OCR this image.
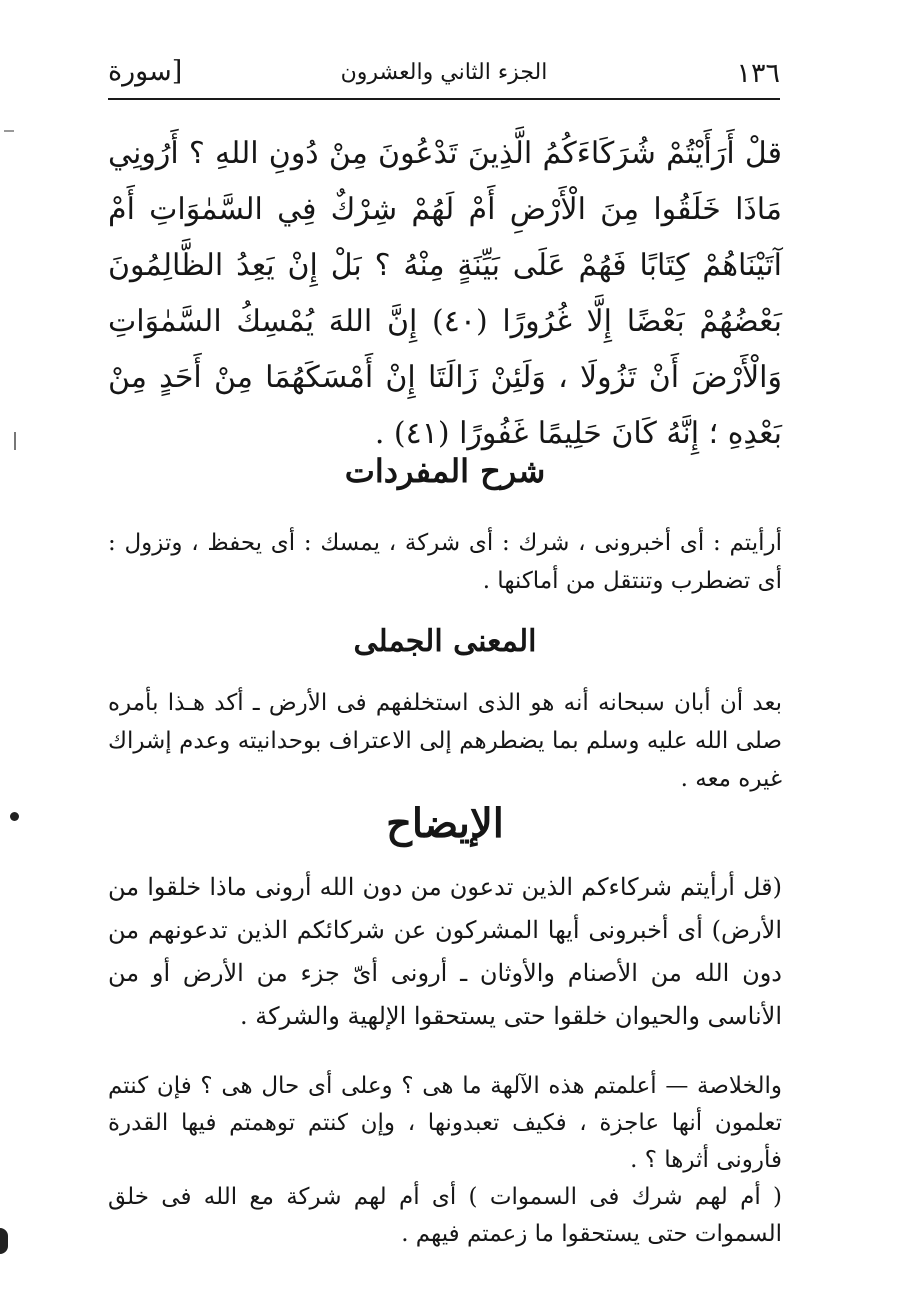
١٣٦
الجزء الثاني والعشرون
[سورة
قلْ أَرَأَيْتُمْ شُرَكَاءَكُمُ الَّذِينَ تَدْعُونَ مِنْ دُونِ اللهِ ؟ أَرُونِي مَاذَا خَلَقُوا مِنَ الْأَرْضِ أَمْ لَهُمْ شِرْكٌ فِي السَّمٰوَاتِ أَمْ آتَيْنَاهُمْ كِتَابًا فَهُمْ عَلَى بَيِّنَةٍ مِنْهُ ؟ بَلْ إِنْ يَعِدُ الظَّالِمُونَ بَعْضُهُمْ بَعْضًا إِلَّا غُرُورًا (٤٠) إِنَّ اللهَ يُمْسِكُ السَّمٰوَاتِ وَالْأَرْضَ أَنْ تَزُولَا ، وَلَئِنْ زَالَتَا إِنْ أَمْسَكَهُمَا مِنْ أَحَدٍ مِنْ بَعْدِهِ ؛ إِنَّهُ كَانَ حَلِيمًا غَفُورًا (٤١) .
شرح المفردات
أرأيتم : أى أخبرونى ، شرك : أى شركة ، يمسك : أى يحفظ ، وتزول : أى تضطرب وتنتقل من أماكنها .
المعنى الجملى
بعد أن أبان سبحانه أنه هو الذى استخلفهم فى الأرض ـ أكد هـذا بأمره صلى الله عليه وسلم بما يضطرهم إلى الاعتراف بوحدانيته وعدم إشراك غيره معه .
الإيضاح
(قل أرأيتم شركاءكم الذين تدعون من دون الله أرونى ماذا خلقوا من الأرض) أى أخبرونى أيها المشركون عن شركائكم الذين تدعونهم من دون الله من الأصنام والأوثان ـ أرونى أىّ جزء من الأرض أو من الأناسى والحيوان خلقوا حتى يستحقوا الإلهية والشركة .

والخلاصة — أعلمتم هذه الآلهة ما هى ؟ وعلى أى حال هى ؟ فإن كنتم تعلمون أنها عاجزة ، فكيف تعبدونها ، وإن كنتم توهمتم فيها القدرة فأرونى أثرها ؟ .

( أم لهم شرك فى السموات ) أى أم لهم شركة مع الله فى خلق السموات حتى يستحقوا ما زعمتم فيهم .
